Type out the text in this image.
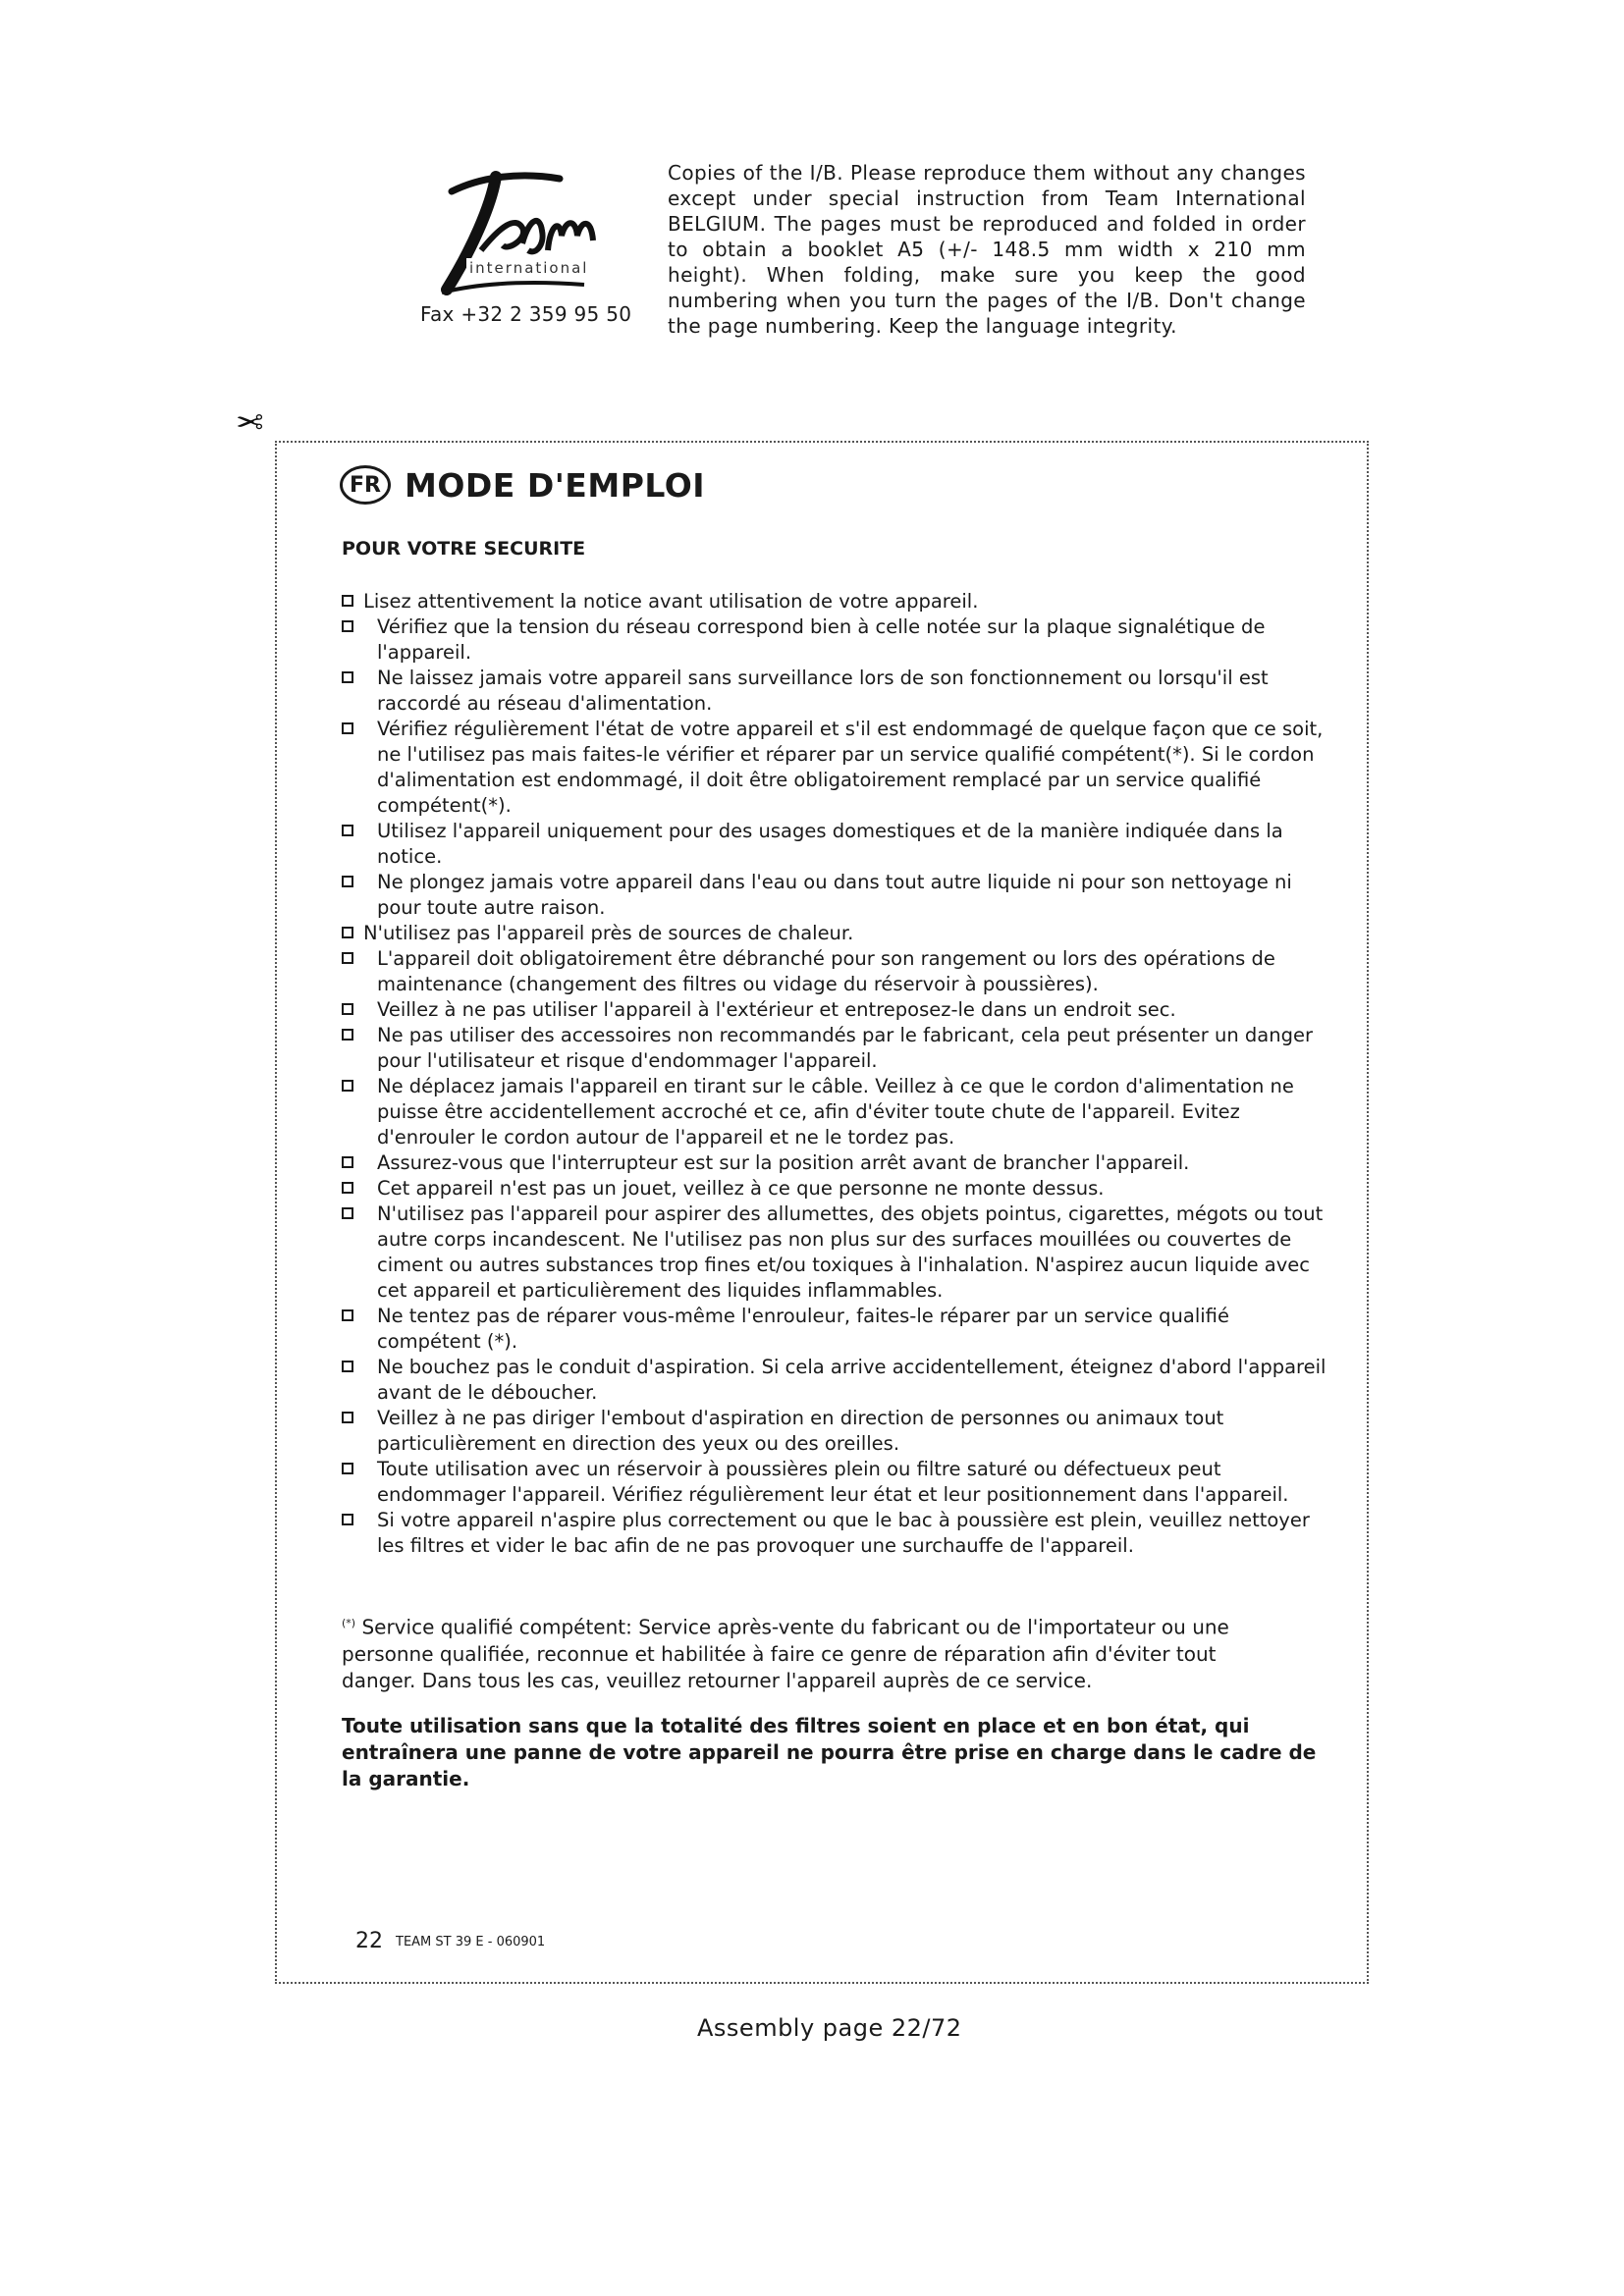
international
Fax +32 2 359 95 50
Copies of the I/B. Please reproduce them without any changes except under special instruction from Team International BELGIUM. The pages must be reproduced and folded in order to obtain a booklet A5 (+/- 148.5 mm width x 210 mm height). When folding, make sure you keep the good numbering when you turn the pages of the I/B. Don't change the page numbering. Keep the language integrity.
✂
FR MODE D'EMPLOI
POUR VOTRE SECURITE
Lisez attentivement la notice avant utilisation de votre appareil.
Vérifiez que la tension du réseau correspond bien à celle notée sur la plaque signalétique de l'appareil.
Ne laissez jamais votre appareil sans surveillance lors de son fonctionnement ou lorsqu'il est raccordé au réseau d'alimentation.
Vérifiez régulièrement l'état de votre appareil et s'il est endommagé de quelque façon que ce soit, ne l'utilisez pas mais faites-le vérifier et réparer par un service qualifié compétent(*). Si le cordon d'alimentation est endommagé, il doit être obligatoirement remplacé par un service qualifié compétent(*).
Utilisez l'appareil uniquement pour des usages domestiques et de la manière indiquée dans la notice.
Ne plongez jamais votre appareil dans l'eau ou dans tout autre liquide ni pour son nettoyage ni pour toute autre raison.
N'utilisez pas l'appareil près de sources de chaleur.
L'appareil doit obligatoirement être débranché pour son rangement ou lors des opérations de maintenance (changement des filtres ou vidage du réservoir à poussières).
Veillez à ne pas utiliser l'appareil à l'extérieur et entreposez-le dans un endroit sec.
Ne pas utiliser des accessoires non recommandés par le fabricant, cela peut présenter un danger pour l'utilisateur et risque d'endommager l'appareil.
Ne déplacez jamais l'appareil en tirant sur le câble. Veillez à ce que le cordon d'alimentation ne puisse être accidentellement accroché et ce, afin d'éviter toute chute de l'appareil. Evitez d'enrouler le cordon autour de l'appareil et ne le tordez pas.
Assurez-vous que l'interrupteur est sur la position arrêt avant de brancher l'appareil.
Cet appareil n'est pas un jouet, veillez à ce que personne ne monte dessus.
N'utilisez pas l'appareil pour aspirer des allumettes, des objets pointus, cigarettes, mégots ou tout autre corps incandescent. Ne l'utilisez pas non plus sur des surfaces mouillées ou couvertes de ciment ou autres substances trop fines et/ou toxiques à l'inhalation. N'aspirez aucun liquide avec cet appareil et particulièrement des liquides inflammables.
Ne tentez pas de réparer vous-même l'enrouleur, faites-le réparer par un service qualifié compétent (*).
Ne bouchez pas le conduit d'aspiration. Si cela arrive accidentellement, éteignez d'abord l'appareil avant de le déboucher.
Veillez à ne pas diriger l'embout d'aspiration en direction de personnes ou animaux tout particulièrement en direction des yeux ou des oreilles.
Toute utilisation avec un réservoir à poussières plein ou filtre saturé ou défectueux peut endommager l'appareil. Vérifiez régulièrement leur état et leur positionnement dans l'appareil.
Si votre appareil n'aspire plus correctement ou que le bac à poussière est plein, veuillez nettoyer les filtres et vider le bac afin de ne pas provoquer une surchauffe de l'appareil.
(*) Service qualifié compétent: Service après-vente du fabricant ou de l'importateur ou une personne qualifiée, reconnue et habilitée à faire ce genre de réparation afin d'éviter tout danger. Dans tous les cas, veuillez retourner l'appareil auprès de ce service.
Toute utilisation sans que la totalité des filtres soient en place et en bon état, qui entraînera une panne de votre appareil ne pourra être prise en charge dans le cadre de la garantie.
22 TEAM ST 39 E - 060901
Assembly page 22/72
